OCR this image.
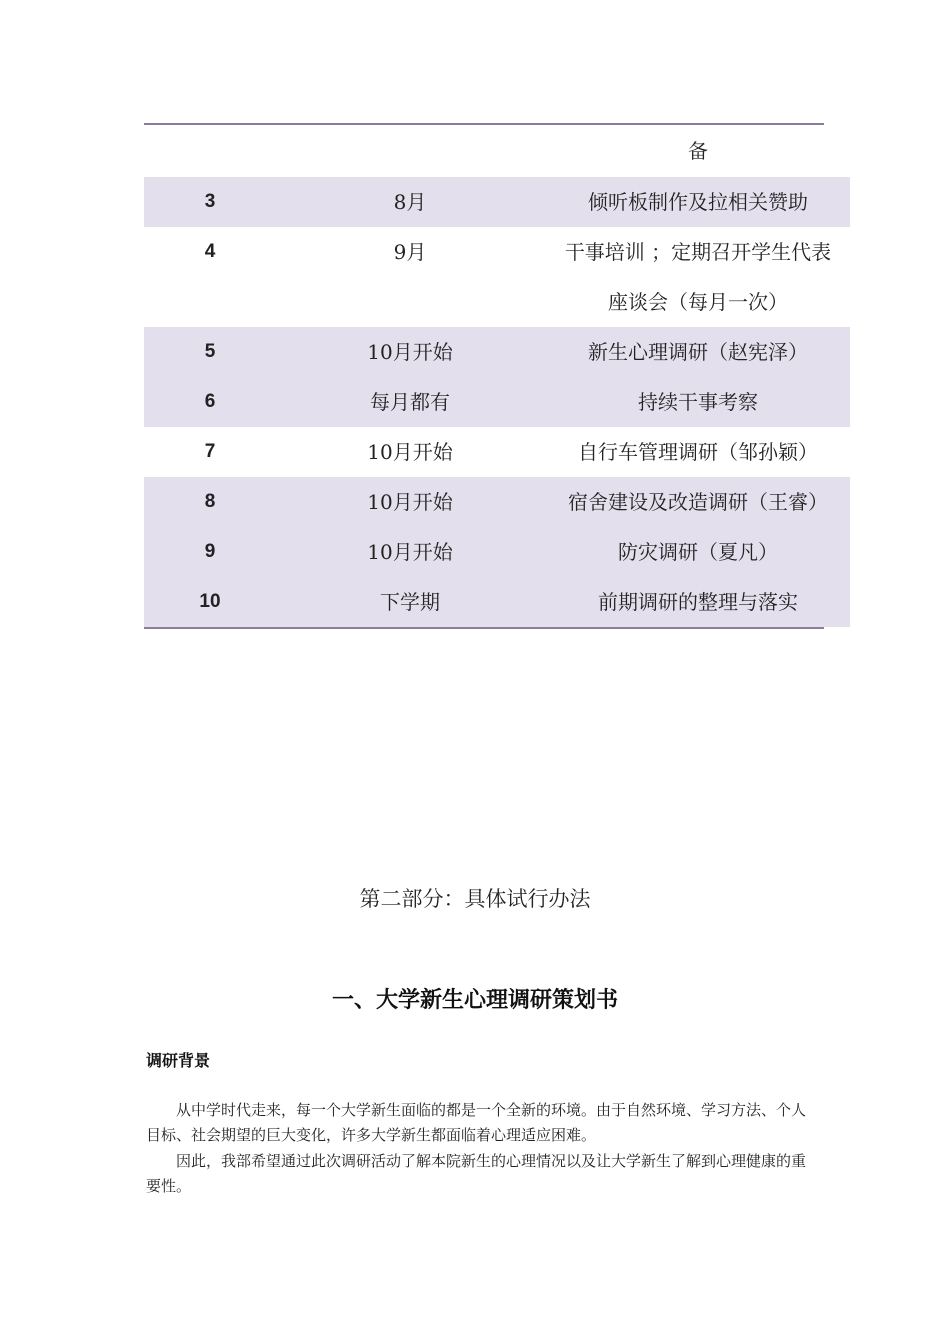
		备
3	8月	倾听板制作及拉相关赞助
4	9月	干事培训 ；定期召开学生代表座谈会（每月一次）
5	10月开始	新生心理调研（赵宪泽）
6	每月都有	持续干事考察
7	10月开始	自行车管理调研（邹孙颖）
8	10月开始	宿舍建设及改造调研（王睿）
9	10月开始	防灾调研（夏凡）
10	下学期	前期调研的整理与落实
第二部分：具体试行办法
一、大学新生心理调研策划书
调研背景

从中学时代走来，每一个大学新生面临的都是一个全新的环境。由于自然环境、学习方法、个人目标、社会期望的巨大变化，许多大学新生都面临着心理适应困难。

因此，我部希望通过此次调研活动了解本院新生的心理情况以及让大学新生了解到心理健康的重要性。
